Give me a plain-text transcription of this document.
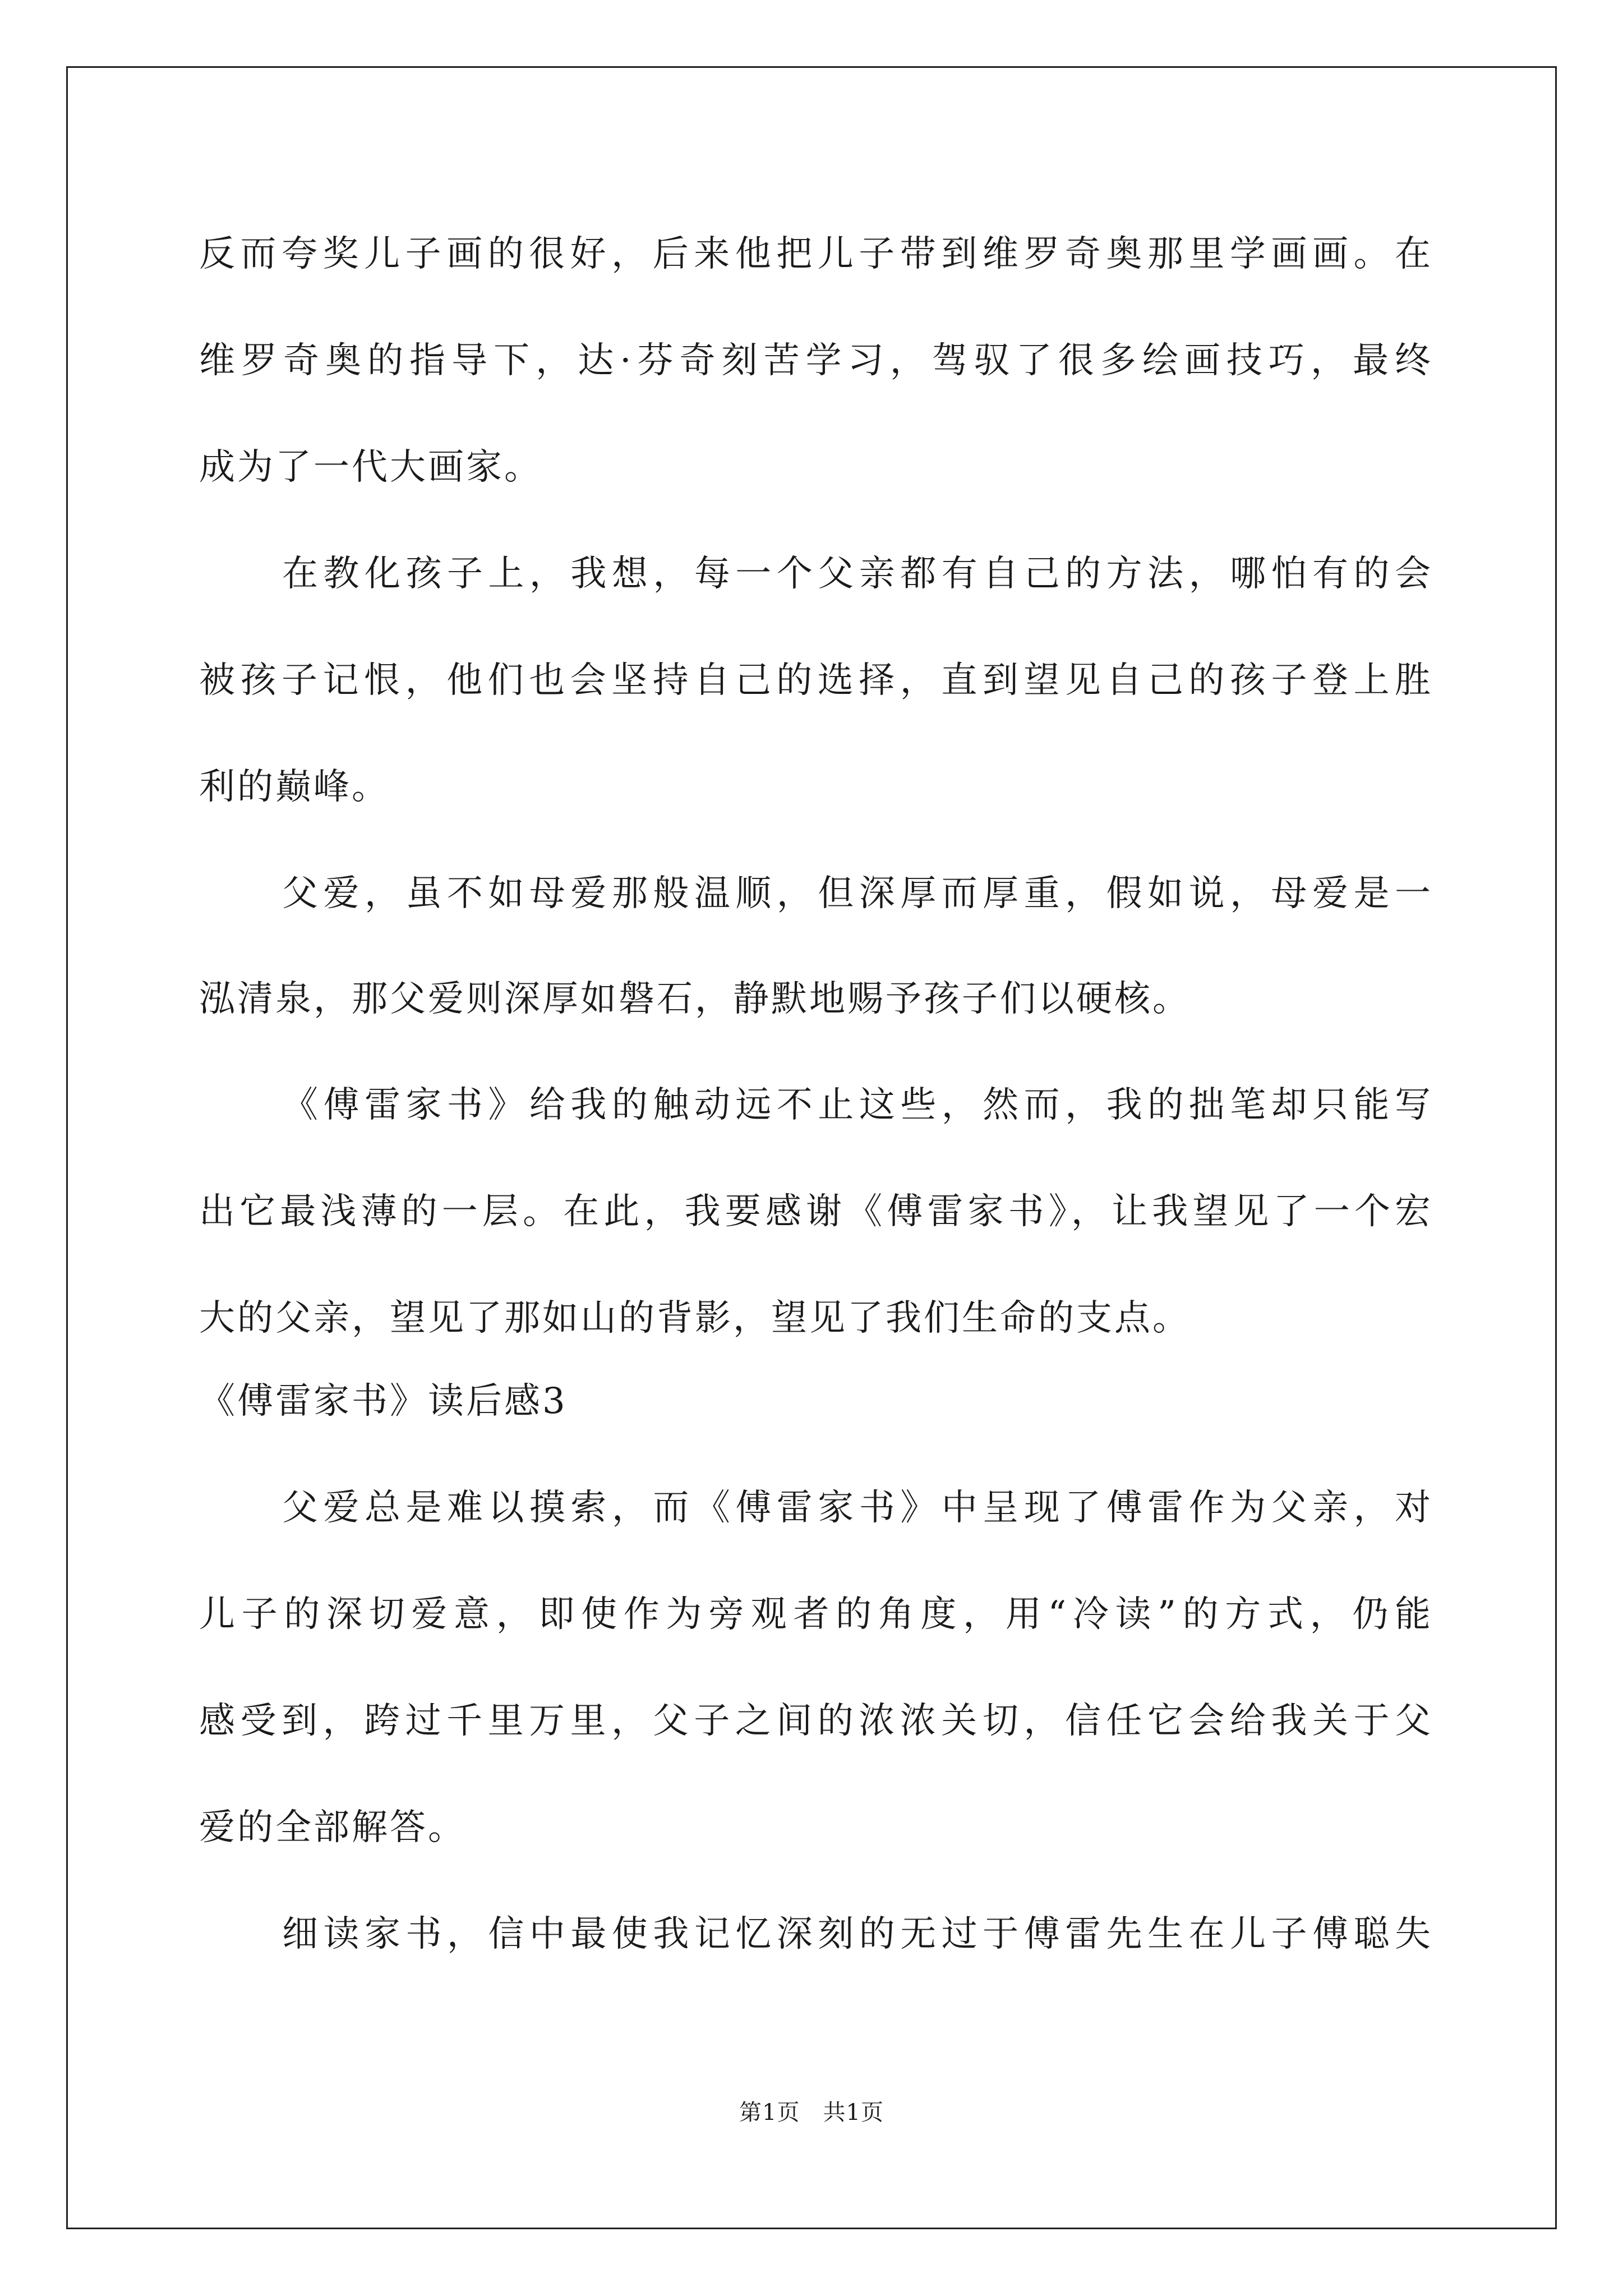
反而夸奖儿子画的很好，后来他把儿子带到维罗奇奥那里学画画。在
维罗奇奥的指导下，达·芬奇刻苦学习，驾驭了很多绘画技巧，最终
成为了一代大画家。
在教化孩子上，我想，每一个父亲都有自己的方法，哪怕有的会
被孩子记恨，他们也会坚持自己的选择，直到望见自己的孩子登上胜
利的巅峰。
父爱，虽不如母爱那般温顺，但深厚而厚重，假如说，母爱是一
泓清泉，那父爱则深厚如磐石，静默地赐予孩子们以硬核。
《傅雷家书》给我的触动远不止这些，然而，我的拙笔却只能写
出它最浅薄的一层。在此，我要感谢《傅雷家书》，让我望见了一个宏
大的父亲，望见了那如山的背影，望见了我们生命的支点。
《傅雷家书》读后感3
父爱总是难以摸索，而《傅雷家书》中呈现了傅雷作为父亲，对
儿子的深切爱意，即使作为旁观者的角度，用“冷读”的方式，仍能
感受到，跨过千里万里，父子之间的浓浓关切，信任它会给我关于父
爱的全部解答。
细读家书，信中最使我记忆深刻的无过于傅雷先生在儿子傅聪失
第1页　共1页
